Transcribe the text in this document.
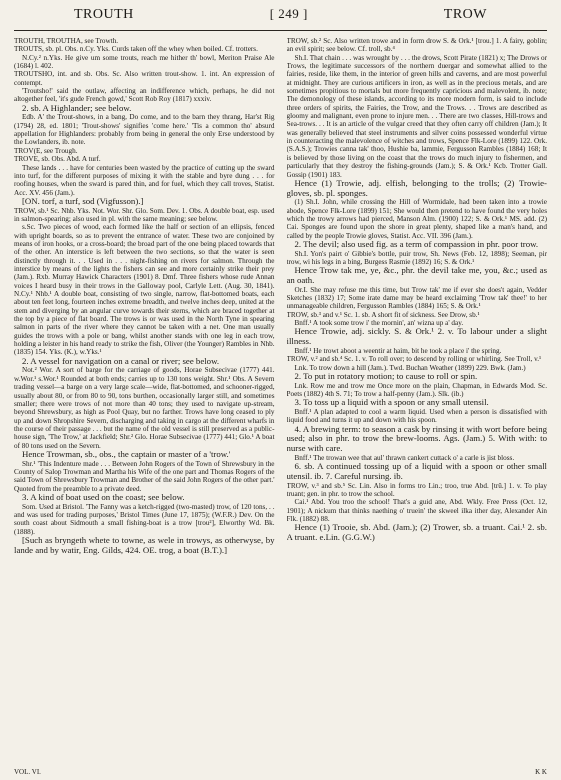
TROUTH	[ 249 ]	TROW

TROUTH, TROUTHA, see Trowth.

TROUTS, sb. pl. Obs. n.Cy. Yks. Curds taken off the whey when boiled. Cf. trotters.

N.Cy.² n.Yks. He give um some trouts, reach me hither th' bowl, Meriton Praise Ale (1684) l. 402.

TROUTSHO, int. and sb. Obs. Sc. Also written trout-show. 1. int. An expression of contempt.

'Troutsho!' said the outlaw, affecting an indifference which, perhaps, he did not altogether feel, 'it's gude French gowd,' Scott Rob Roy (1817) xxxiv.

2. sb. A Highlander; see below.

Edb. A' the Trout-shows, in a bang, Do come, and to the barn they thrang, Har'st Rig (1794) 28, ed. 1801; 'Trout-shows' signifies 'come here.' 'Tis a common tho' absurd appellation for Highlanders: probably from being in general the only Erse understood by the Lowlanders, ib. note.

TROV(E, see Trough.

TROVE, sb. Obs. Abd. A turf.

These lands . . . have for centuries been wasted by the practice of cutting up the sward into turf, for the different purposes of mixing it with the stable and byre dung . . . for roofing houses, when the sward is pared thin, and for fuel, which they call troves, Statist. Acc. XV. 456 (Jam.).

[ON. torf, a turf, sod (Vigfusson).]

TROW, sb.¹ Sc. Nhb. Yks. Not. Wor. Shr. Glo. Som. Dev. 1. Obs. A double boat, esp. used in salmon-spearing; also used in pl. with the same meaning; see below.

s.Sc. Two pieces of wood, each formed like the half or section of an ellipsis, fenced with upright boards, so as to prevent the entrance of water. These two are conjoined by means of iron hooks, or a cross-board; the broad part of the one being placed towards that of the other. An interstice is left between the two sections, so that the water is seen distinctly through it. . . Used in . . . night-fishing on rivers for salmon. Through the interstice by means of the lights the fishers can see and more certainly strike their prey (Jam.). Rxb. Murray Hawick Characters (1901) 8. Dmf. Three fishers whose rude Annan voices I heard busy in their trows in the Galloway pool, Carlyle Lett. (Aug. 30, 1841). N.Cy.¹ Nhb.¹ A double boat, consisting of two single, narrow, flat-bottomed boats, each about ten feet long, fourteen inches extreme breadth, and twelve inches deep, united at the stem and diverging by an angular curve towards their sterns, which are braced together at the top by a piece of flat board. The trows is or was used in the North Tyne in spearing salmon in parts of the river where they cannot be taken with a net. One man usually guides the trows with a pole or bang, whilst another stands with one leg in each trow, holding a leister in his hand ready to strike the fish, Oliver (the Younger) Rambles in Nhb. (1835) 154. Yks. (K.), w.Yks.¹

2. A vessel for navigation on a canal or river; see below.

Not.² Wor. A sort of barge for the carriage of goods, Horae Subsecivae (1777) 441. w.Wor.¹ s.Wor.¹ Rounded at both ends; carries up to 130 tons weight. Shr.¹ Obs. A Severn trading vessel—a barge on a very large scale—wide, flat-bottomed, and schooner-rigged, usually about 80, or from 80 to 90, tons burthen, occasionally larger still, and sometimes smaller; there were trows of not more than 40 tons; they used to navigate up-stream, beyond Shrewsbury, as high as Pool Quay, but no farther. Trows have long ceased to ply up and down Shropshire Severn, discharging and taking in cargo at the different wharfs in the course of their passage . . . but the name of the old vessel is still preserved as a public-house sign, 'The Trow,' at Jackfield; Shr.² Glo. Horae Subsecivae (1777) 441; Glo.¹ A boat of 80 tons used on the Severn.

Hence Trowman, sb., obs., the captain or master of a 'trow.'

Shr.¹ 'This Indenture made . . . Between John Rogers of the Town of Shrewsbury in the County of Salop Trowman and Martha his Wife of the one part and Thomas Rogers of the said Town of Shrewsbury Trowman and Brother of the said John Rogers of the other part.' Quoted from the preamble to a private deed.

3. A kind of boat used on the coast; see below.

Som. Used at Bristol. 'The Fanny was a ketch-rigged (two-masted) trow, of 120 tons, . . and was used for trading purposes,' Bristol Times (June 17, 1875); (W.F.R.) Dev. On the south coast about Sidmouth a small fishing-boat is a trow [trou²], Elworthy Wd. Bk. (1888).

[Such as bryngeth whete to towne, as wele in trowys, as otherwyse, by lande and by watir, Eng. Gilds, 424. OE. trog, a boat (B.T.).]

TROW, sb.² Sc. Also written trowe and in form drow S. & Ork.¹ [trou.] 1. A fairy, goblin; an evil spirit; see below. Cf. troll, sb.⁴

Sh.I. That chain . . . was wrought by . . . the drows, Scott Pirate (1821) x; The Drows or Trows, the legitimate successors of the northern duergar and somewhat allied to the fairies, reside, like them, in the interior of green hills and caverns, and are most powerful at midnight. They are curious artificers in iron, as well as in the precious metals, and are sometimes propitious to mortals but more frequently capricious and malevolent, ib. note; The demonology of these islands, according to its more modern form, is said to include three orders of spirits, the Fairies, the Trow, and the Trows. . . Trows are described as gloomy and malignant, even prone to injure men. . . There are two classes, Hill-trows and Sea-trows. . . It is an article of the vulgar creed that they often carry off children (Jam.); It was generally believed that steel instruments and silver coins possessed wonderful virtue in counteracting the malevolence of witches and trows, Spence Flk-Lore (1899) 122. Ork. (S.A.S.); Trowies canna tak' thoo, Hushie ba, lammie, Fergusson Rambles (1884) 168; It is believed by those living on the coast that the trows do much injury to fishermen, and particularly that they destroy the fishing-grounds (Jam.); S. & Ork.¹ Kcb. Trotter Gall. Gossip (1901) 183.

Hence (1) Trowie, adj. elfish, belonging to the trolls; (2) Trowie-gloves, sb. pl. sponges.

(1) Sh.I. John, while crossing the Hill of Wormidale, had been taken into a trowie abode, Spence Flk-Lore (1899) 151; She would then pretend to have found the very holes which the trowy arrows had pierced, Manson Alm. (1900) 122; S. & Ork.¹ MS. add. (2) Cai. Sponges are found upon the shore in great plenty, shaped like a man's hand, and called by the people Trowie gloves, Statist. Acc. VII. 396 (Jam.).

2. The devil; also used fig. as a term of compassion in phr. poor trow.

Sh.I. Yon's pairt o' Gibbie's bottle, puir trow, Sh. News (Feb. 12, 1898); Seeman, pir trow, wi his legs in a bing, Burgess Rasmie (1892) 16; S. & Ork.¹

Hence Trow tak me, ye, &c., phr. the devil take me, you, &c.; used as an oath.

Or.I. She may refuse me this time, but Trow tak' me if ever she does't again, Vedder Sketches (1832) 17; Some irate dame may be heard exclaiming 'Trow tak' thee!' to her unmanageable children, Fergusson Rambles (1884) 165; S. & Ork.¹

TROW, sb.³ and v.¹ Sc. 1. sb. A short fit of sickness. See Drow, sb.¹

Bnff.¹ A took some trow i' the mornin', an' wizna up a' day.

Hence Trowie, adj. sickly. S. & Ork.¹ 2. v. To labour under a slight illness.

Bnff.¹ He trowt aboot a weentir at haim, bit he took a place i' the spring.

TROW, v.² and sb.⁴ Sc. 1. v. To roll over; to descend by rolling or whirling. See Troll, v.¹

Lnk. To trow down a hill (Jam.). Twd. Buchan Weather (1899) 229. Bwk. (Jam.)

2. To put in rotatory motion; to cause to roll or spin.

Lnk. Row me and trow me Once more on the plain, Chapman, in Edwards Mod. Sc. Poets (1882) 4th S. 71; To trow a half-penny (Jam.). Slk. (ib.)

3. To toss up a liquid with a spoon or any small utensil.

Bnff.¹ A plan adapted to cool a warm liquid. Used when a person is dissatisfied with liquid food and turns it up and down with his spoon.

4. A brewing term: to season a cask by rinsing it with wort before being used; also in phr. to trow the brew-looms. Ags. (Jam.) 5. With with: to nurse with care.

Bnff.¹ The trowan wee that aul' thrawn cankert cuttack o' a carle is jist bloss.

6. sb. A continued tossing up of a liquid with a spoon or other small utensil. ib. 7. Careful nursing. ib.

TROW, v.³ and sb.⁵ Sc. Lin. Also in forms tro Lin.; troo, true Abd. [trū.] 1. v. To play truant; gen. in phr. to trow the school.

Cai.¹ Abd. You troo the school! That's a guid ane, Abd. Wkly. Free Press (Oct. 12, 1901); A nickum that thinks naething o' truein' the skweel ilka ither day, Alexander Ain Flk. (1882) 88.

Hence (1) Trooie, sb. Abd. (Jam.); (2) Trower, sb. a truant. Cai.¹ 2. sb. A truant. e.Lin. (G.G.W.)

VOL. VI.	K K
